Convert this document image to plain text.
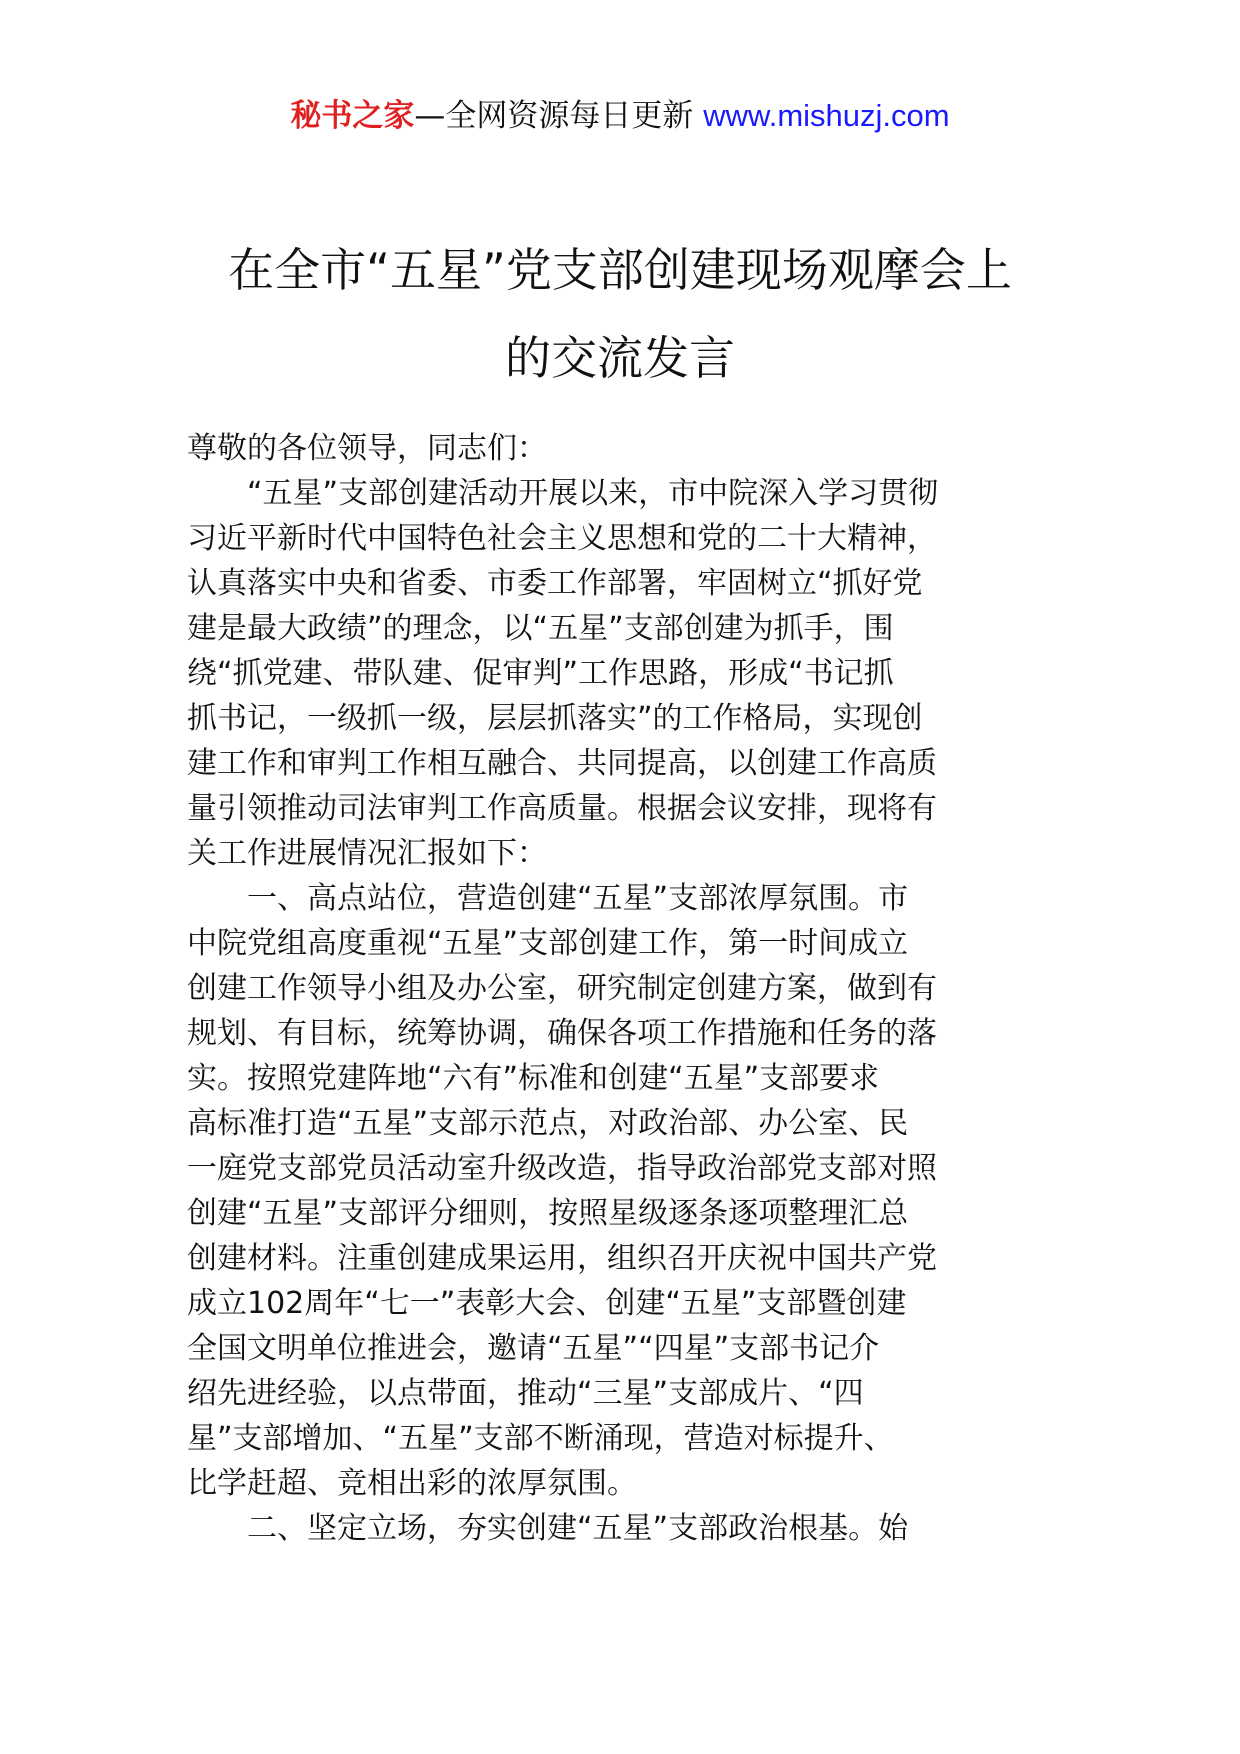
秘书之家—全网资源每日更新 www.mishuzj.com
在全市“五星”党支部创建现场观摩会上
的交流发言
尊敬的各位领导，同志们：
　　“五星”支部创建活动开展以来，市中院深入学习贯彻
习近平新时代中国特色社会主义思想和党的二十大精神，
认真落实中央和省委、市委工作部署，牢固树立“抓好党
建是最大政绩”的理念，以“五星”支部创建为抓手，围
绕“抓党建、带队建、促审判”工作思路，形成“书记抓
抓书记，一级抓一级，层层抓落实”的工作格局，实现创
建工作和审判工作相互融合、共同提高，以创建工作高质
量引领推动司法审判工作高质量。根据会议安排，现将有
关工作进展情况汇报如下：
　　一、高点站位，营造创建“五星”支部浓厚氛围。市
中院党组高度重视“五星”支部创建工作，第一时间成立
创建工作领导小组及办公室，研究制定创建方案，做到有
规划、有目标，统筹协调，确保各项工作措施和任务的落
实。按照党建阵地“六有”标准和创建“五星”支部要求
高标准打造“五星”支部示范点，对政治部、办公室、民
一庭党支部党员活动室升级改造，指导政治部党支部对照
创建“五星”支部评分细则，按照星级逐条逐项整理汇总
创建材料。注重创建成果运用，组织召开庆祝中国共产党
成立102周年“七一”表彰大会、创建“五星”支部暨创建
全国文明单位推进会，邀请“五星”“四星”支部书记介
绍先进经验，以点带面，推动“三星”支部成片、“四
星”支部增加、“五星”支部不断涌现，营造对标提升、
比学赶超、竞相出彩的浓厚氛围。
　　二、坚定立场，夯实创建“五星”支部政治根基。始
